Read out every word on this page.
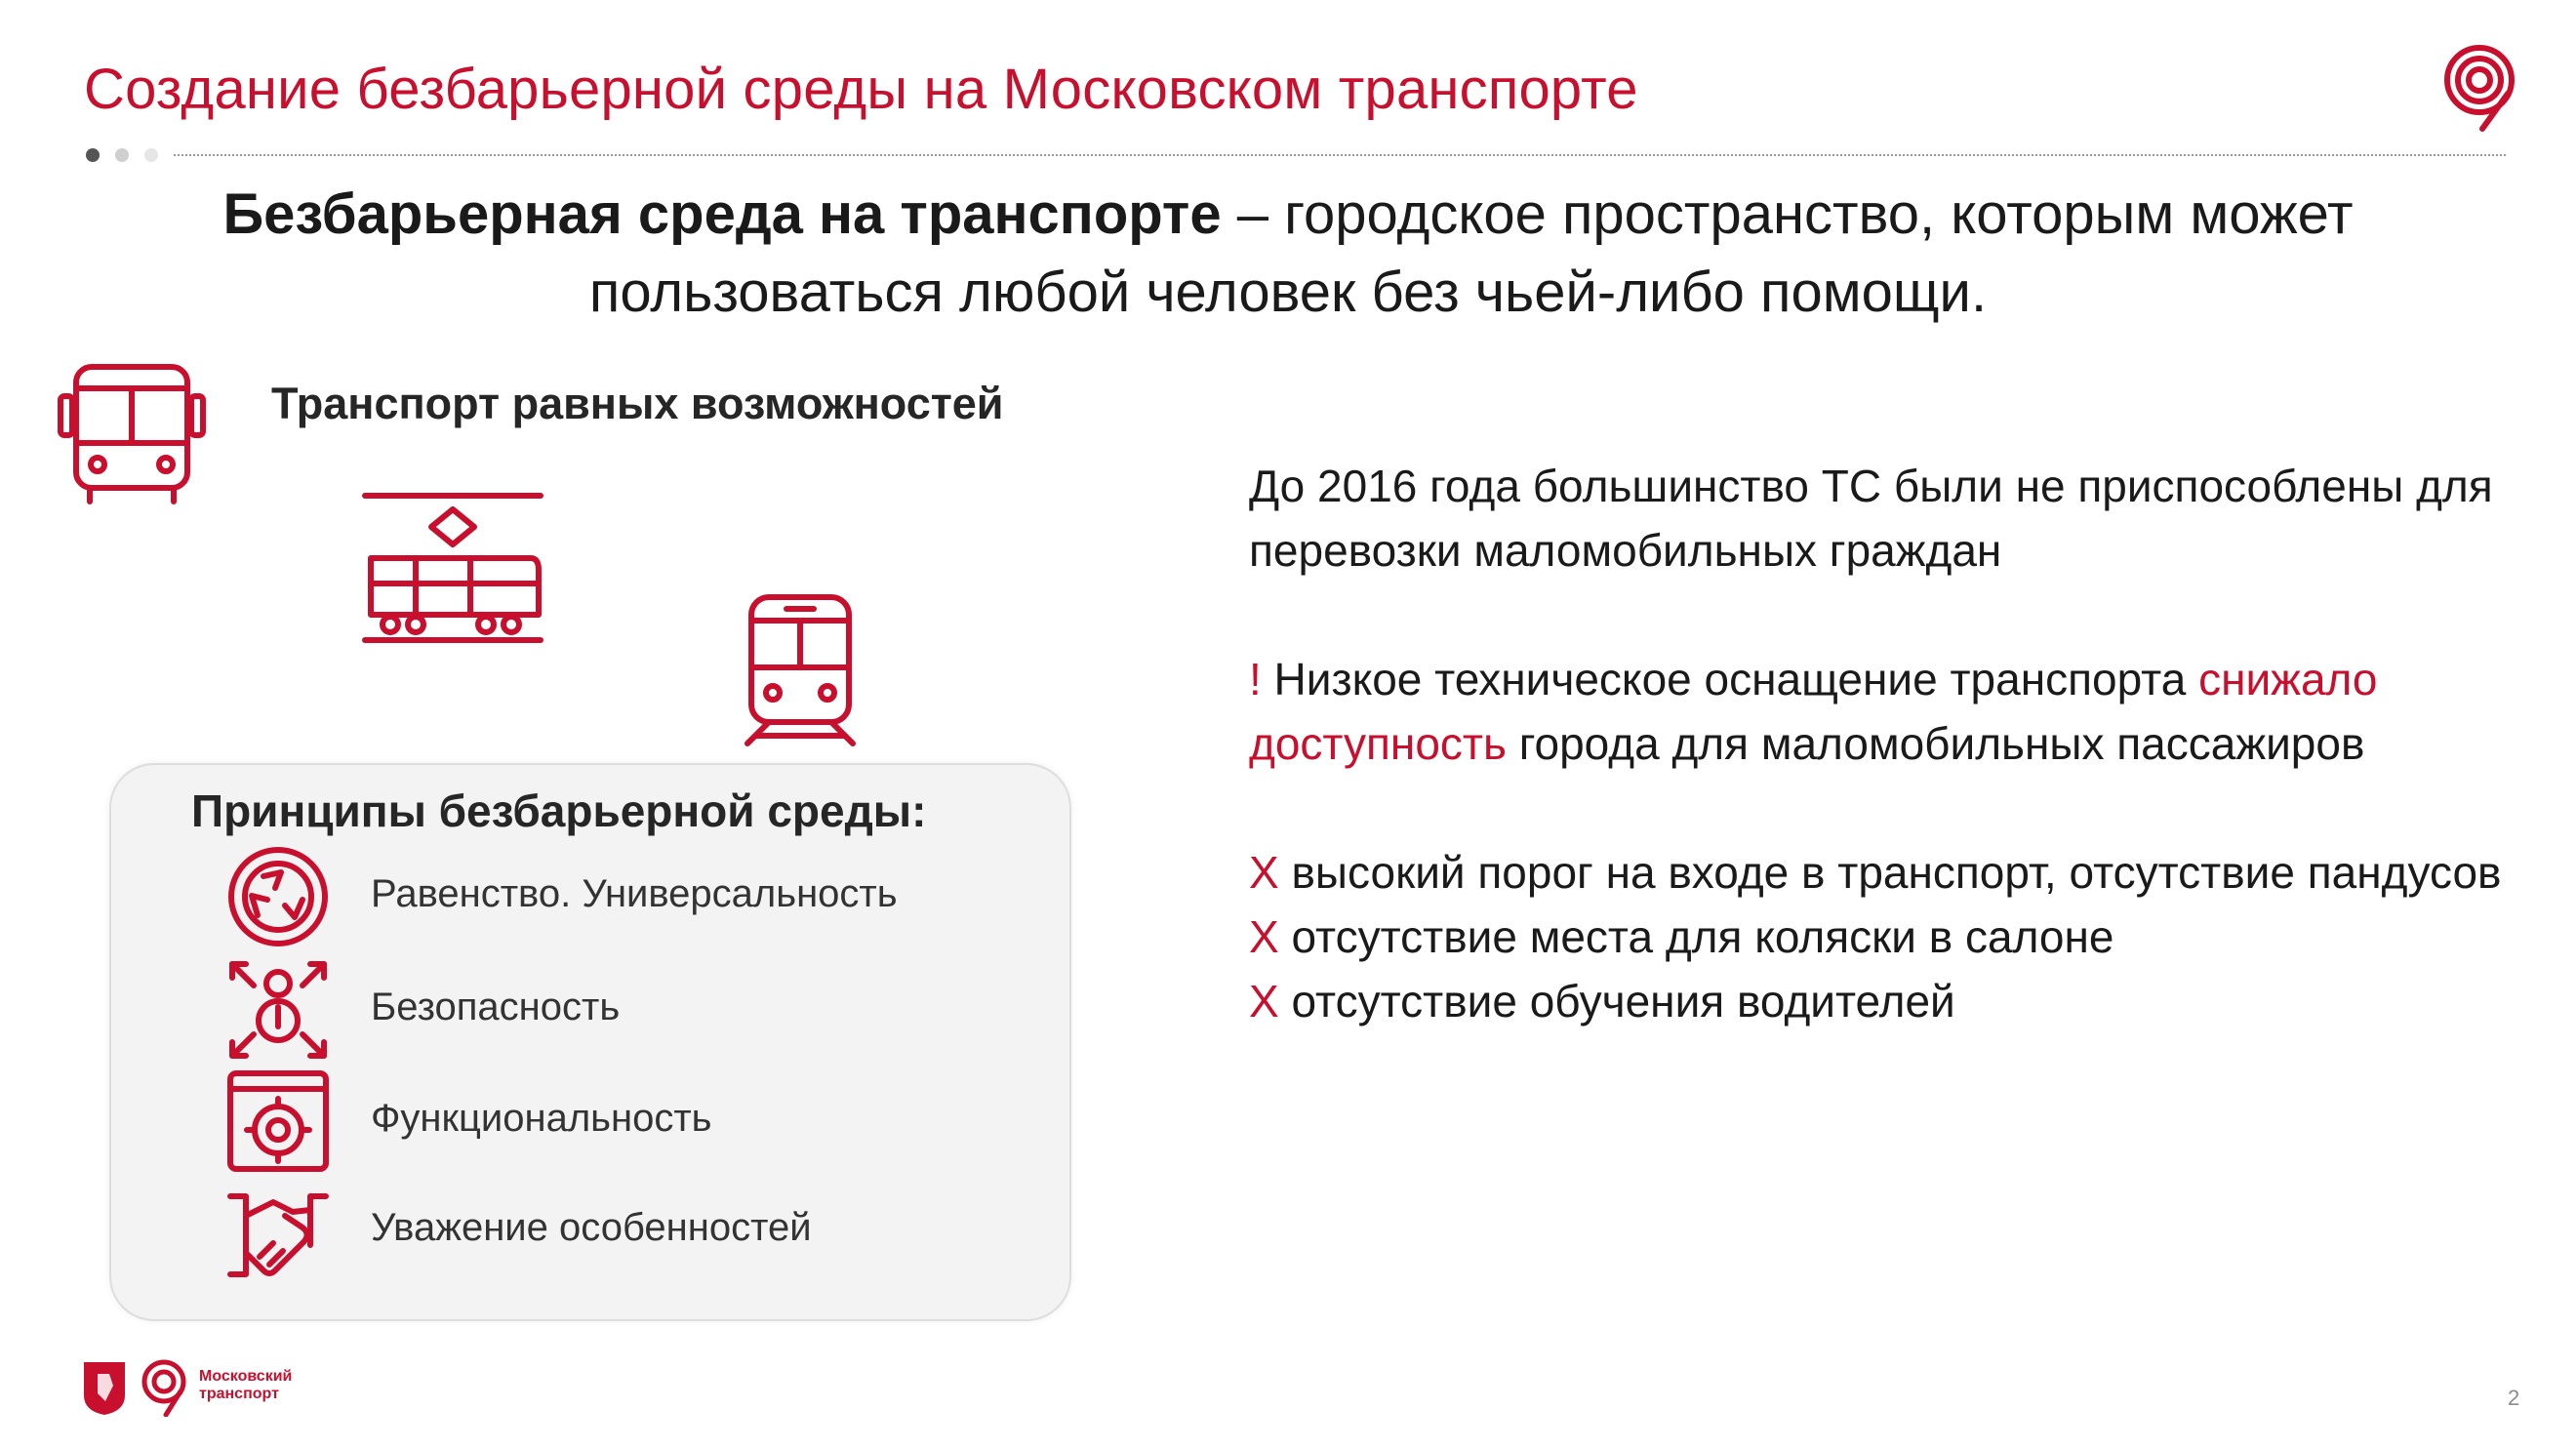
Создание безбарьерной среды на Московском транспорте
Безбарьерная среда на транспорте – городское пространство, которым может
пользоваться любой человек без чьей-либо помощи.
Транспорт равных возможностей
Принципы безбарьерной среды:
Равенство. Универсальность
Безопасность
Функциональность
Уважение особенностей

До 2016 года большинство ТС были не приспособлены для перевозки маломобильных граждан

! Низкое техническое оснащение транспорта снижало доступность города для маломобильных пассажиров

Х высокий порог на входе в транспорт, отсутствие пандусов

Х отсутствие места для коляски в салоне

Х отсутствие обучения водителей

Московский
транспорт	2
